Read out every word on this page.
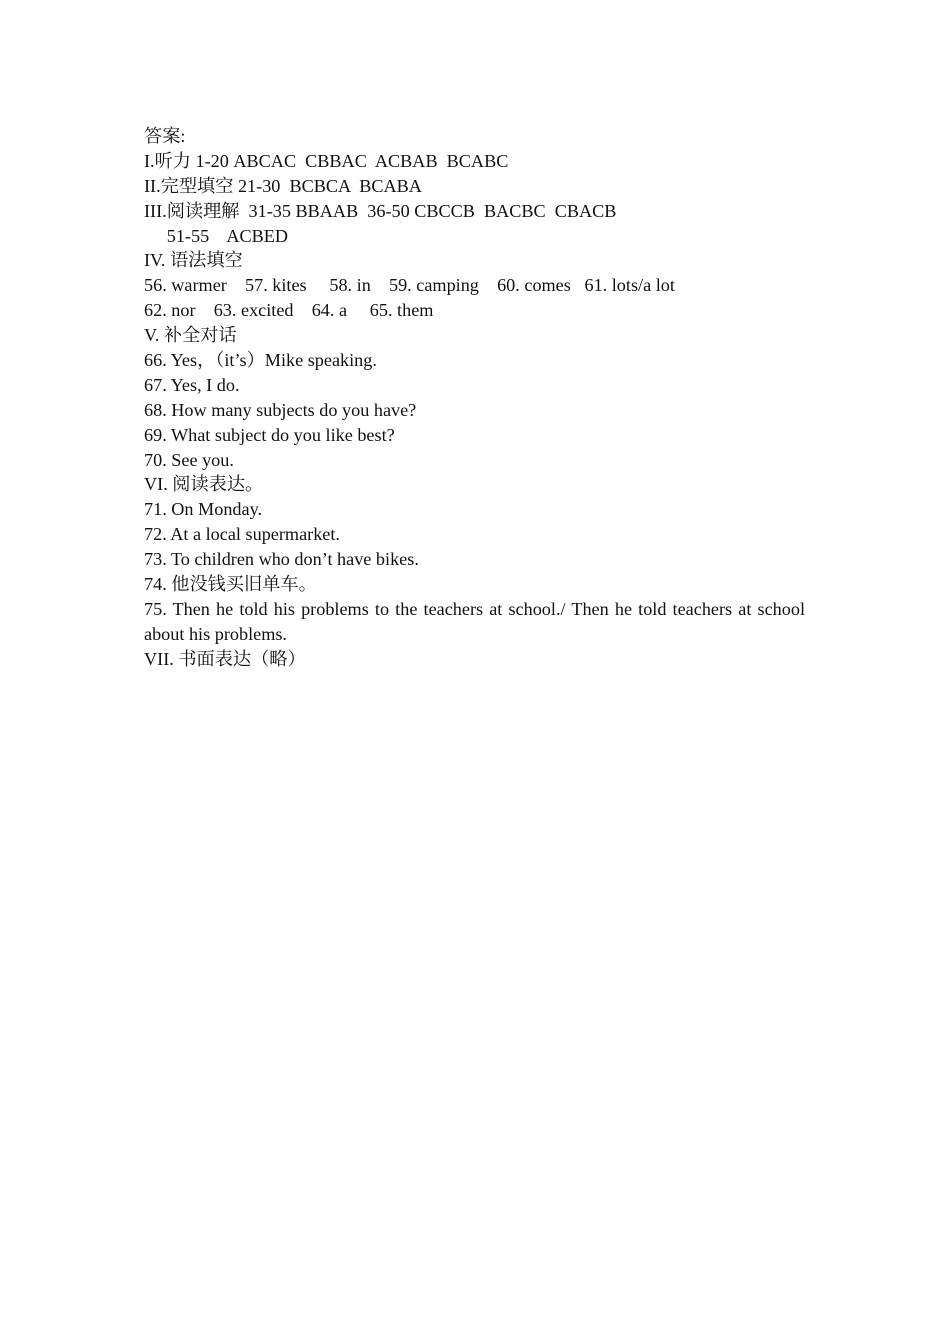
答案:
I.听力 1-20 ABCAC  CBBAC  ACBAB  BCABC
II.完型填空 21-30  BCBCA  BCABA
III.阅读理解  31-35 BBAAB  36-50 CBCCB  BACBC  CBACB
51-55    ACBED
IV. 语法填空
56. warmer    57. kites     58. in    59. camping    60. comes   61. lots/a lot
62. nor    63. excited    64. a     65. them
V. 补全对话
66. Yes，（it’s）Mike speaking.
67. Yes, I do.
68. How many subjects do you have?
69. What subject do you like best?
70. See you.
VI. 阅读表达。
71. On Monday.
72. At a local supermarket.
73. To children who don’t have bikes.
74. 他没钱买旧单车。
75. Then he told his problems to the teachers at school./ Then he told teachers at school about his problems.
VII. 书面表达（略）
